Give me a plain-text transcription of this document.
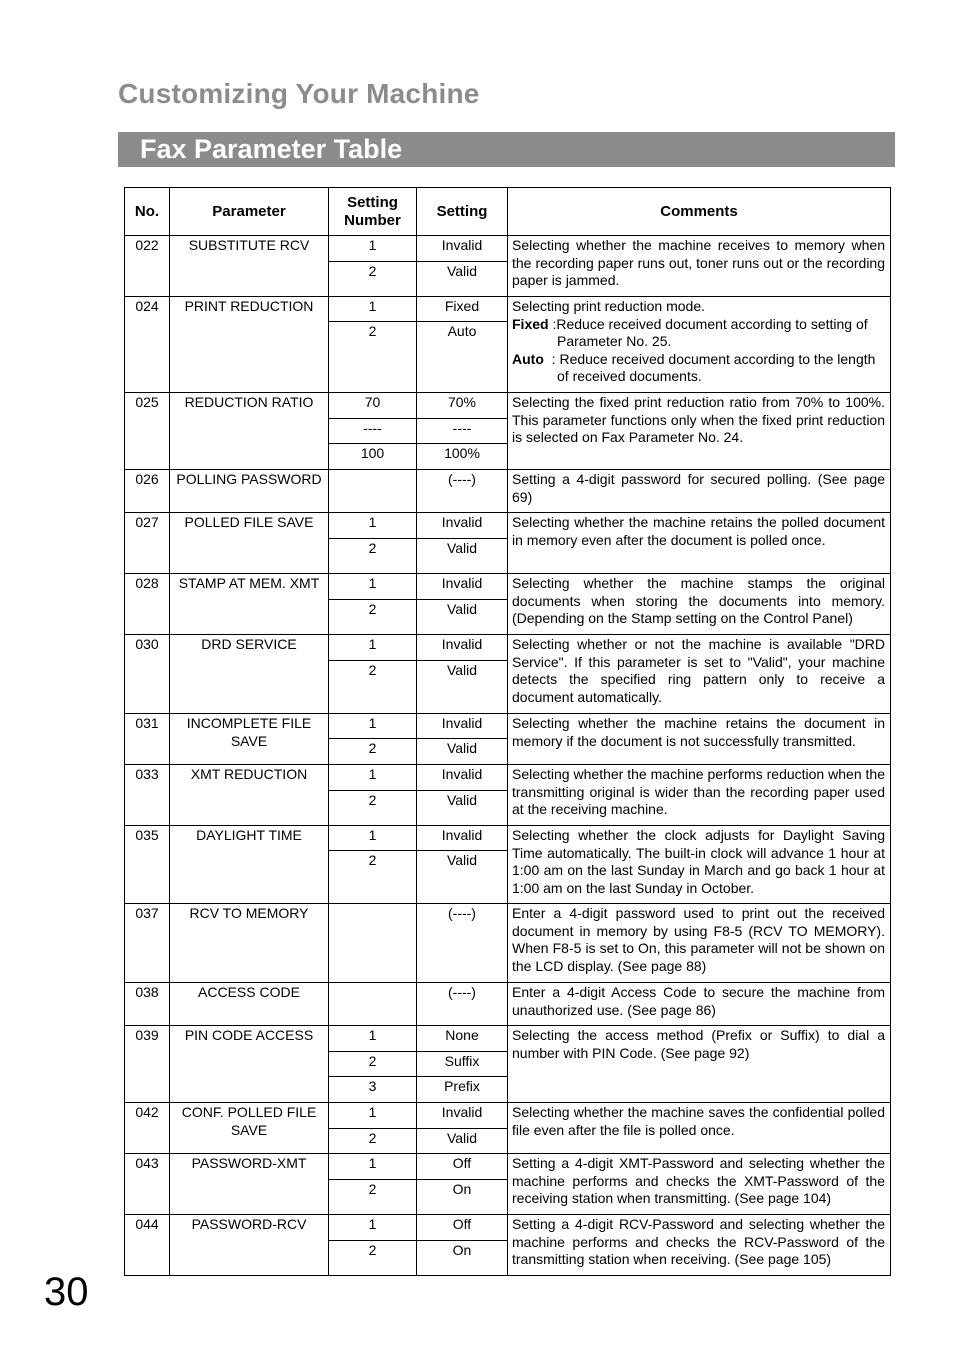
Customizing Your Machine
Fax Parameter Table
No.	Parameter	Setting Number	Setting	Comments
022	SUBSTITUTE RCV	1	Invalid	Selecting whether the machine receives to memory when the recording paper runs out, toner runs out or the recording paper is jammed.
		2	Valid	
024	PRINT REDUCTION	1	Fixed	Selecting print reduction mode.
Fixed :Reduce received document according to setting of
Parameter No. 25.
Auto  : Reduce received document according to the length
of received documents.

		2	Auto	
025	REDUCTION RATIO	70	70%	Selecting the fixed print reduction ratio from 70% to 100%. This parameter functions only when the fixed print reduction is selected on Fax Parameter No. 24.
		----	----	
		100	100%	
026	POLLING PASSWORD		(----)	Setting a 4-digit password for secured polling. (See page 69)
027	POLLED FILE SAVE	1	Invalid	Selecting whether the machine retains the polled document in memory even after the document is polled once.
		2	Valid	
028	STAMP AT MEM. XMT	1	Invalid	Selecting whether the machine stamps the original documents when storing the documents into memory. (Depending on the Stamp setting on the Control Panel)
		2	Valid	
030	DRD SERVICE	1	Invalid	Selecting whether or not the machine is available "DRD Service". If this parameter is set to "Valid", your machine detects the specified ring pattern only to receive a document automatically.
		2	Valid	
031	INCOMPLETE FILE SAVE	1	Invalid	Selecting whether the machine retains the document in memory if the document is not successfully transmitted.
		2	Valid	
033	XMT REDUCTION	1	Invalid	Selecting whether the machine performs reduction when the transmitting original is wider than the recording paper used at the receiving machine.
		2	Valid	
035	DAYLIGHT TIME	1	Invalid	Selecting whether the clock adjusts for Daylight Saving Time automatically. The built-in clock will advance 1 hour at 1:00 am on the last Sunday in March and go back 1 hour at 1:00 am on the last Sunday in October.
		2	Valid	
037	RCV TO MEMORY		(----)	Enter a 4-digit password used to print out the received document in memory by using F8-5 (RCV TO MEMORY). When F8-5 is set to On, this parameter will not be shown on the LCD display. (See page 88)
038	ACCESS CODE		(----)	Enter a 4-digit Access Code to secure the machine from unauthorized use. (See page 86)
039	PIN CODE ACCESS	1	None	Selecting the access method (Prefix or Suffix) to dial a number with PIN Code. (See page 92)
		2	Suffix	
		3	Prefix	
042	CONF. POLLED FILE SAVE	1	Invalid	Selecting whether the machine saves the confidential polled file even after the file is polled once.
		2	Valid	
043	PASSWORD-XMT	1	Off	Setting a 4-digit XMT-Password and selecting whether the machine performs and checks the XMT-Password of the receiving station when transmitting. (See page 104)
		2	On	
044	PASSWORD-RCV	1	Off	Setting a 4-digit RCV-Password and selecting whether the machine performs and checks the RCV-Password of the transmitting station when receiving. (See page 105)
		2	On	
30
